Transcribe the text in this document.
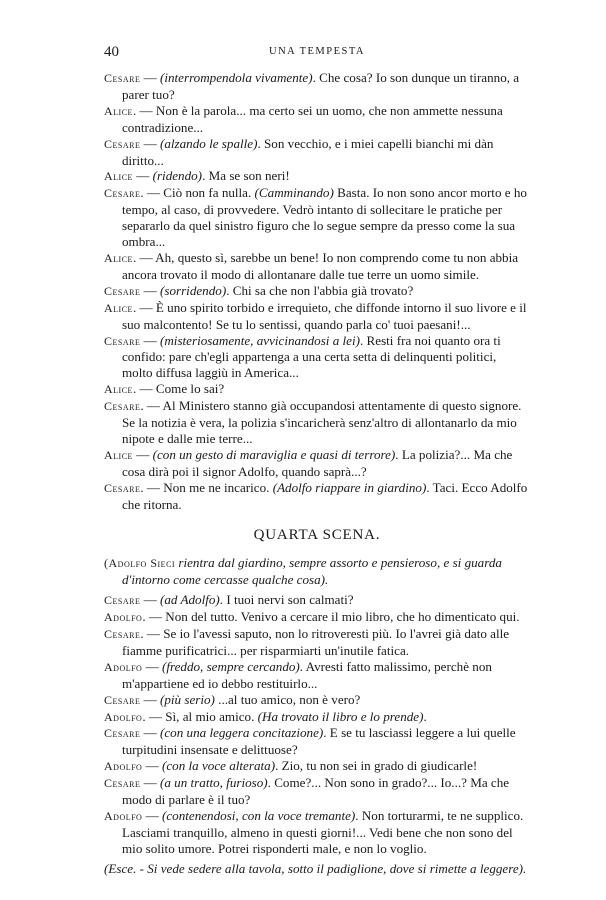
40	UNA TEMPESTA

Cesare — (interrompendola vivamente). Che cosa? Io son dunque un tiranno, a parer tuo?

Alice. — Non è la parola... ma certo sei un uomo, che non ammette nessuna contradizione...

Cesare — (alzando le spalle). Son vecchio, e i miei capelli bianchi mi dàn diritto...

Alice — (ridendo). Ma se son neri!

Cesare. — Ciò non fa nulla. (Camminando) Basta. Io non sono ancor morto e ho tempo, al caso, di provvedere. Vedrò intanto di sollecitare le pratiche per separarlo da quel sinistro figuro che lo segue sempre da presso come la sua ombra...

Alice. — Ah, questo sì, sarebbe un bene! Io non comprendo come tu non abbia ancora trovato il modo di allontanare dalle tue terre un uomo simile.

Cesare — (sorridendo). Chi sa che non l'abbia già trovato?

Alice. — È uno spirito torbido e irrequieto, che diffonde intorno il suo livore e il suo malcontento! Se tu lo sentissi, quando parla co' tuoi paesani!...

Cesare — (misteriosamente, avvicinandosi a lei). Resti fra noi quanto ora ti confido: pare ch'egli appartenga a una certa setta di delinquenti politici, molto diffusa laggiù in America...

Alice. — Come lo sai?

Cesare. — Al Ministero stanno già occupandosi attentamente di questo signore. Se la notizia è vera, la polizia s'incaricherà senz'altro di allontanarlo da mio nipote e dalle mie terre...

Alice — (con un gesto di maraviglia e quasi di terrore). La polizia?... Ma che cosa dirà poi il signor Adolfo, quando saprà...?

Cesare. — Non me ne incarico. (Adolfo riappare in giardino). Taci. Ecco Adolfo che ritorna.

QUARTA SCENA.

(Adolfo Sieci rientra dal giardino, sempre assorto e pensieroso, e si guarda d'intorno come cercasse qualche cosa).

Cesare — (ad Adolfo). I tuoi nervi son calmati?

Adolfo. — Non del tutto. Venivo a cercare il mio libro, che ho dimenticato qui.

Cesare. — Se io l'avessi saputo, non lo ritroveresti più. Io l'avrei già dato alle fiamme purificatrici... per risparmiarti un'inutile fatica.

Adolfo — (freddo, sempre cercando). Avresti fatto malissimo, perchè non m'appartiene ed io debbo restituirlo...

Cesare — (più serio) ...al tuo amico, non è vero?

Adolfo. — Sì, al mio amico. (Ha trovato il libro e lo prende).

Cesare — (con una leggera concitazione). E se tu lasciassi leggere a lui quelle turpitudini insensate e delittuose?

Adolfo — (con la voce alterata). Zio, tu non sei in grado di giudicarle!

Cesare — (a un tratto, furioso). Come?... Non sono in grado?... Io...? Ma che modo di parlare è il tuo?

Adolfo — (contenendosi, con la voce tremante). Non torturarmi, te ne supplico. Lasciami tranquillo, almeno in questi giorni!... Vedi bene che non sono del mio solito umore. Potrei risponderti male, e non lo voglio.

(Esce. - Si vede sedere alla tavola, sotto il padiglione, dove si rimette a leggere).
